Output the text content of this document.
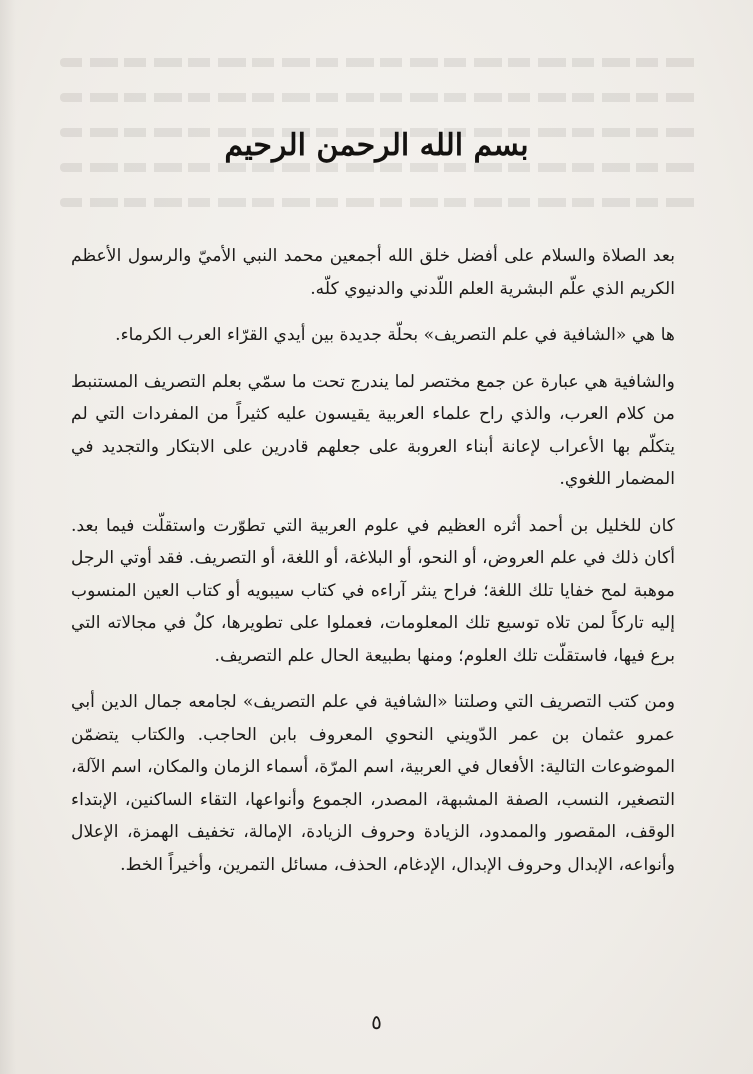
بسم الله الرحمن الرحيم

بعد الصلاة والسلام على أفضل خلق الله أجمعين محمد النبي الأميّ والرسول الأعظم الكريم الذي علّم البشرية العلم اللّدني والدنيوي كلّه.

ها هي «الشافية في علم التصريف» بحلّة جديدة بين أيدي القرّاء العرب الكرماء.

والشافية هي عبارة عن جمع مختصر لما يندرج تحت ما سمّي بعلم التصريف المستنبط من كلام العرب، والذي راح علماء العربية يقيسون عليه كثيراً من المفردات التي لم يتكلّم بها الأعراب لإعانة أبناء العروبة على جعلهم قادرين على الابتكار والتجديد في المضمار اللغوي.

كان للخليل بن أحمد أثره العظيم في علوم العربية التي تطوّرت واستقلّت فيما بعد. أكان ذلك في علم العروض، أو النحو، أو البلاغة، أو اللغة، أو التصريف. فقد أوتي الرجل موهبة لمح خفايا تلك اللغة؛ فراح ينثر آراءه في كتاب سيبويه أو كتاب العين المنسوب إليه تاركاً لمن تلاه توسيع تلك المعلومات، فعملوا على تطويرها، كلٌ في مجالاته التي برع فيها، فاستقلّت تلك العلوم؛ ومنها بطبيعة الحال علم التصريف.

ومن كتب التصريف التي وصلتنا «الشافية في علم التصريف» لجامعه جمال الدين أبي عمرو عثمان بن عمر الدّويني النحوي المعروف بابن الحاجب. والكتاب يتضمّن الموضوعات التالية: الأفعال في العربية، اسم المرّة، أسماء الزمان والمكان، اسم الآلة، التصغير، النسب، الصفة المشبهة، المصدر، الجموع وأنواعها، التقاء الساكنين، الإبتداء الوقف، المقصور والممدود، الزيادة وحروف الزيادة، الإمالة، تخفيف الهمزة، الإعلال وأنواعه، الإبدال وحروف الإبدال، الإدغام، الحذف، مسائل التمرين، وأخيراً الخط.

٥
